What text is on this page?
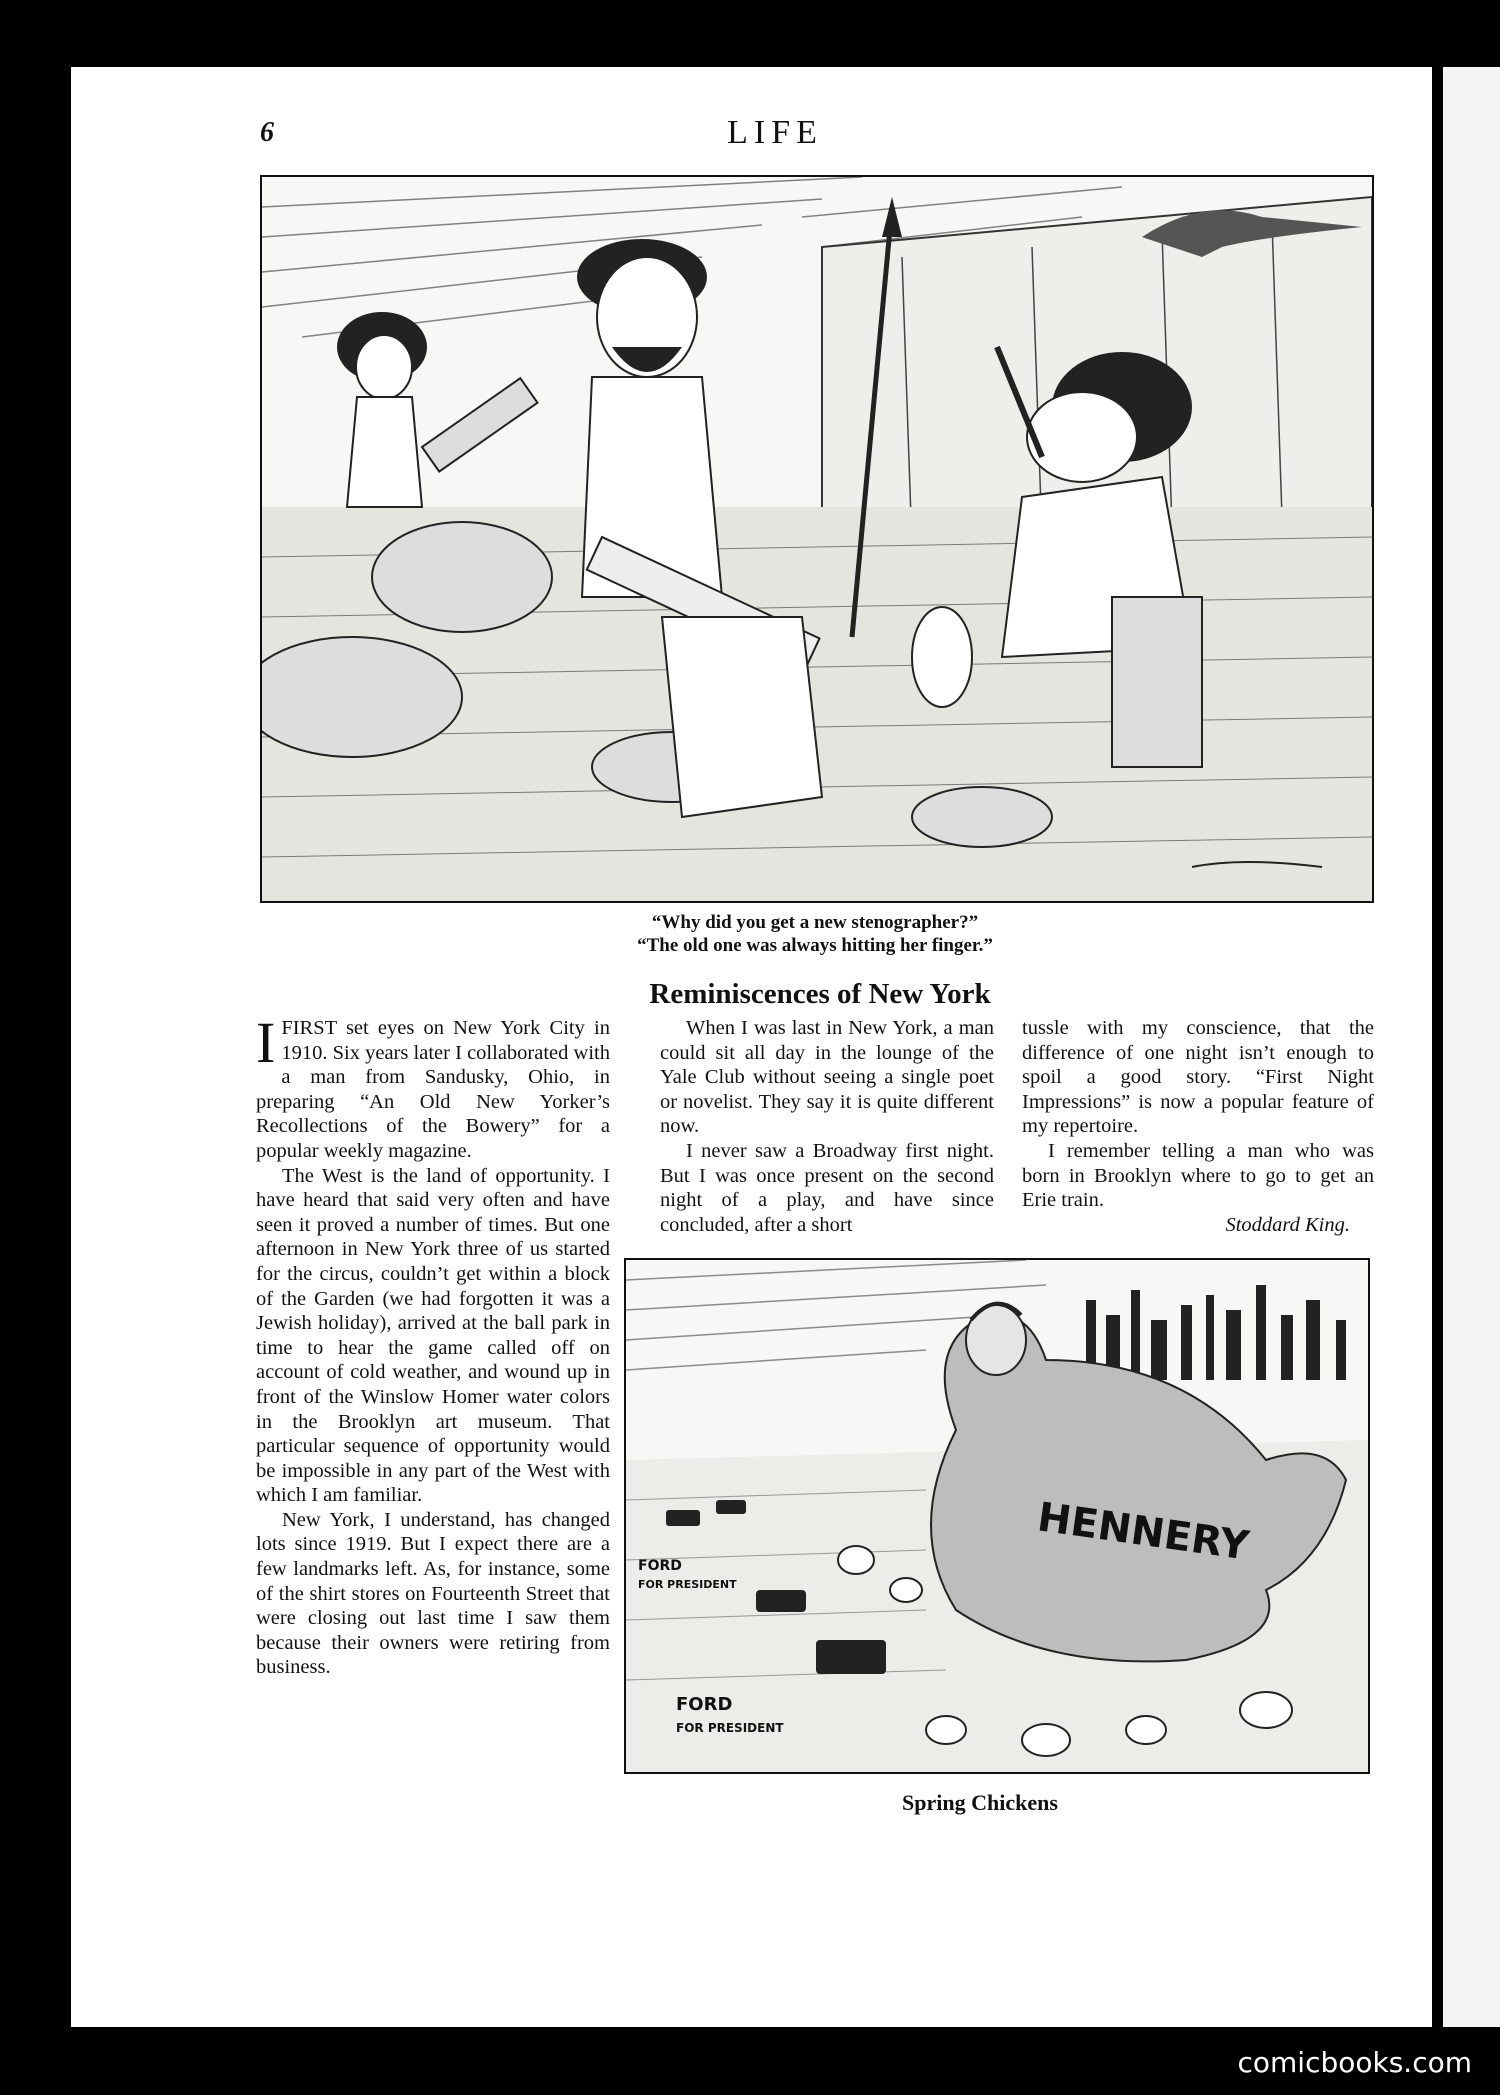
6	LIFE
“Why did you get a new stenographer?”
“The old one was always hitting her finger.”
Reminiscences of New York

I FIRST set eyes on New York City in 1910. Six years later I collaborated with a man from Sandusky, Ohio, in preparing “An Old New Yorker’s Recollections of the Bowery” for a popular weekly magazine.

The West is the land of opportunity. I have heard that said very often and have seen it proved a number of times. But one afternoon in New York three of us started for the circus, couldn’t get within a block of the Garden (we had forgotten it was a Jewish holiday), arrived at the ball park in time to hear the game called off on account of cold weather, and wound up in front of the Winslow Homer water colors in the Brooklyn art museum. That particular sequence of opportunity would be impossible in any part of the West with which I am familiar.

New York, I understand, has changed lots since 1919. But I expect there are a few landmarks left. As, for instance, some of the shirt stores on Fourteenth Street that were closing out last time I saw them because their owners were retiring from business.

When I was last in New York, a man could sit all day in the lounge of the Yale Club without seeing a single poet or novelist. They say it is quite different now.

I never saw a Broadway first night. But I was once present on the second night of a play, and have since concluded, after a short

tussle with my conscience, that the difference of one night isn’t enough to spoil a good story. “First Night Impressions” is now a popular feature of my repertoire.

I remember telling a man who was born in Brooklyn where to go to get an Erie train.

Stoddard King.
HENNERY
FORD
FOR PRESIDENT
FORD
FOR PRESIDENT
Spring Chickens
comicbooks.com
